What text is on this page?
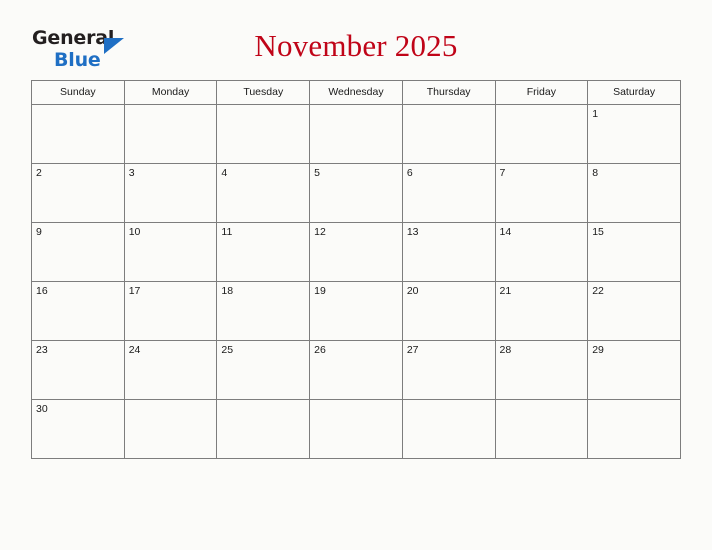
General
Blue	November 2025
Sunday	Monday	Tuesday	Wednesday	Thursday	Friday	Saturday

						1

2	3	4	5	6	7	8

9	10	11	12	13	14	15

16	17	18	19	20	21	22

23	24	25	26	27	28	29

30						
